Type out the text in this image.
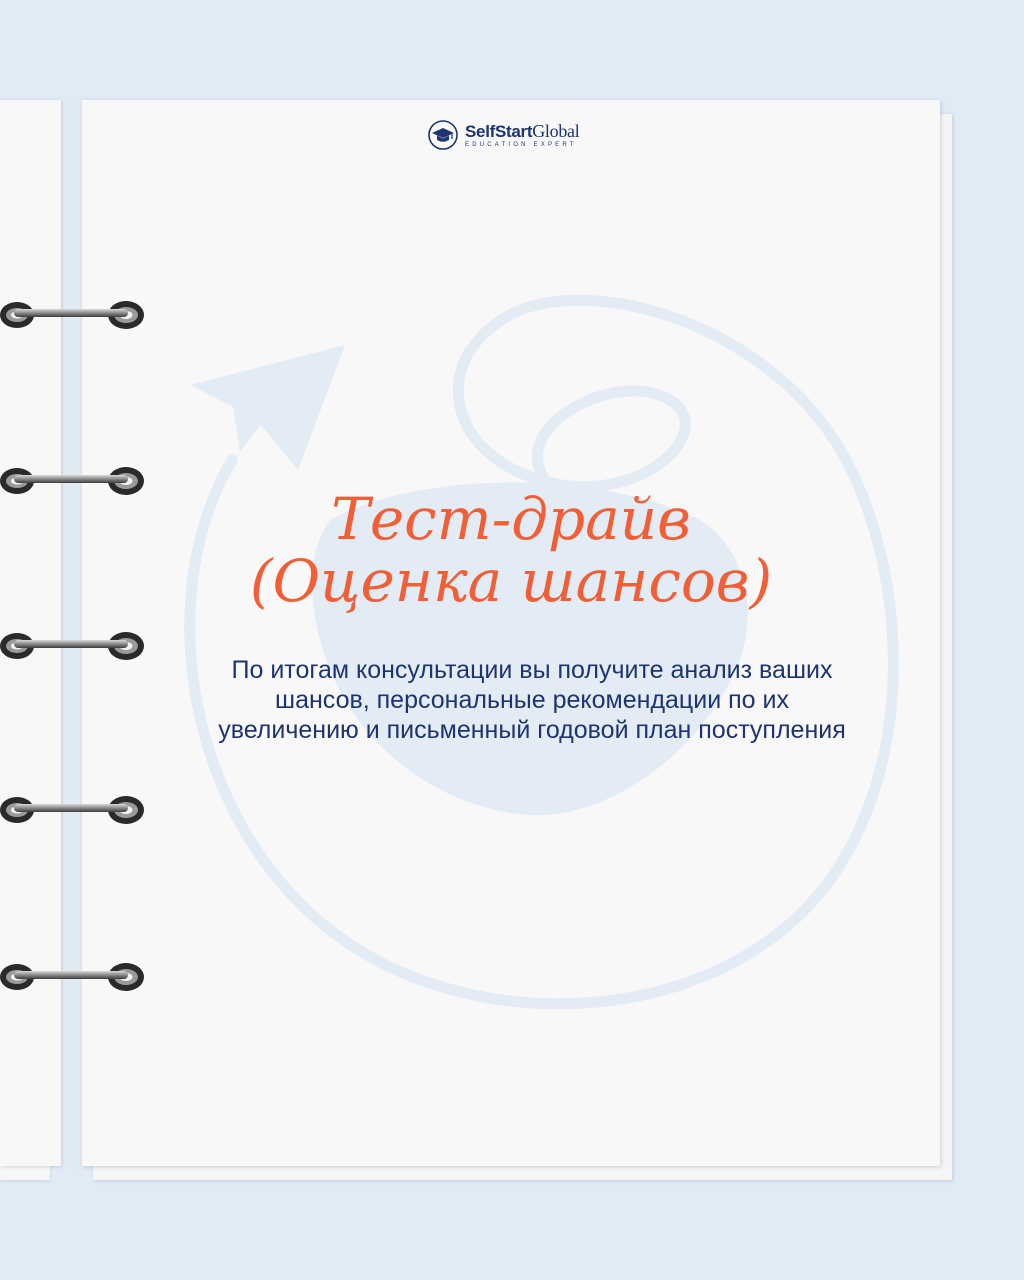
SelfStartGlobal
EDUCATION EXPERT
Тест-драйв
(Оценка шансов)
По итогам консультации вы получите анализ ваших шансов, персональные рекомендации по их увеличению и письменный годовой план поступления
